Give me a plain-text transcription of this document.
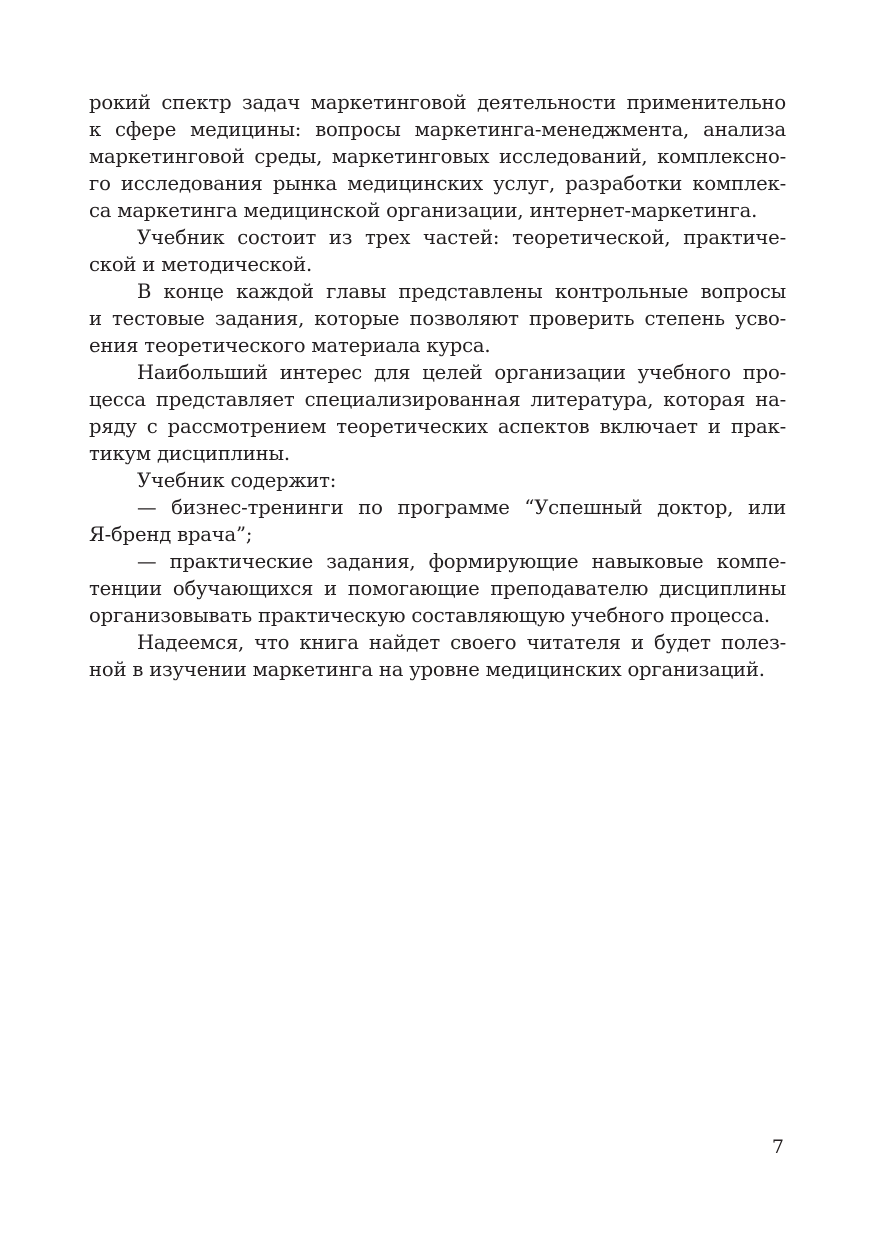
рокий спектр задач маркетинговой деятельности применительно
к сфере медицины: вопросы маркетинга-менеджмента, анализа
маркетинговой среды, маркетинговых исследований, комплексно-
го исследования рынка медицинских услуг, разработки комплек-
са маркетинга медицинской организации, интернет-маркетинга.
Учебник состоит из трех частей: теоретической, практиче-
ской и методической.
В конце каждой главы представлены контрольные вопросы
и тестовые задания, которые позволяют проверить степень усво-
ения теоретического материала курса.
Наибольший интерес для целей организации учебного про-
цесса представляет специализированная литература, которая на-
ряду с рассмотрением теоретических аспектов включает и прак-
тикум дисциплины.
Учебник содержит:
— бизнес-тренинги по программе “Успешный доктор, или
Я-бренд врача”;
— практические задания, формирующие навыковые компе-
тенции обучающихся и помогающие преподавателю дисциплины
организовывать практическую составляющую учебного процесса.
Надеемся, что книга найдет своего читателя и будет полез-
ной в изучении маркетинга на уровне медицинских организаций.

7
